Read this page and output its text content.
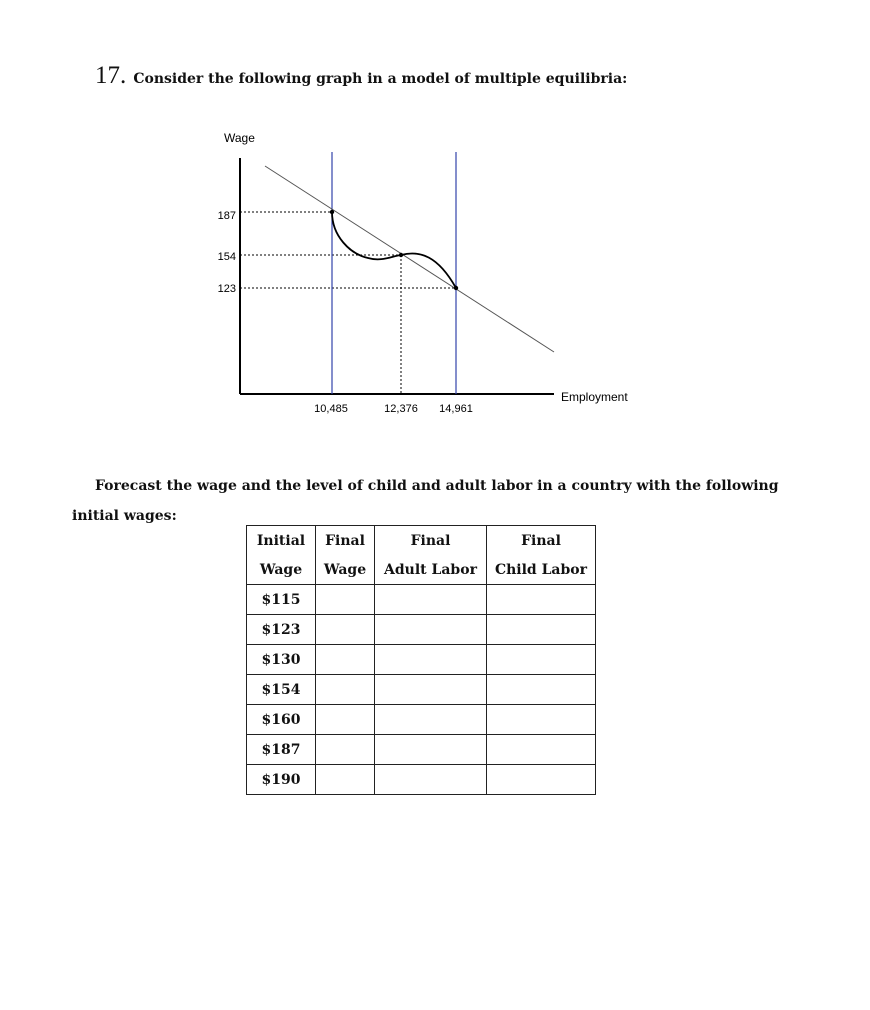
17. Consider the following graph in a model of multiple equilibria:
Wage
Employment
187
154
123
10,485	12,376 14,961
Forecast the wage and the level of child and adult labor in a country with the following
initial wages:
Initial	Final	Final	Final
Wage	Wage	Adult Labor	Child Labor
$115			
$123			
$130			
$154			
$160			
$187			
$190			
